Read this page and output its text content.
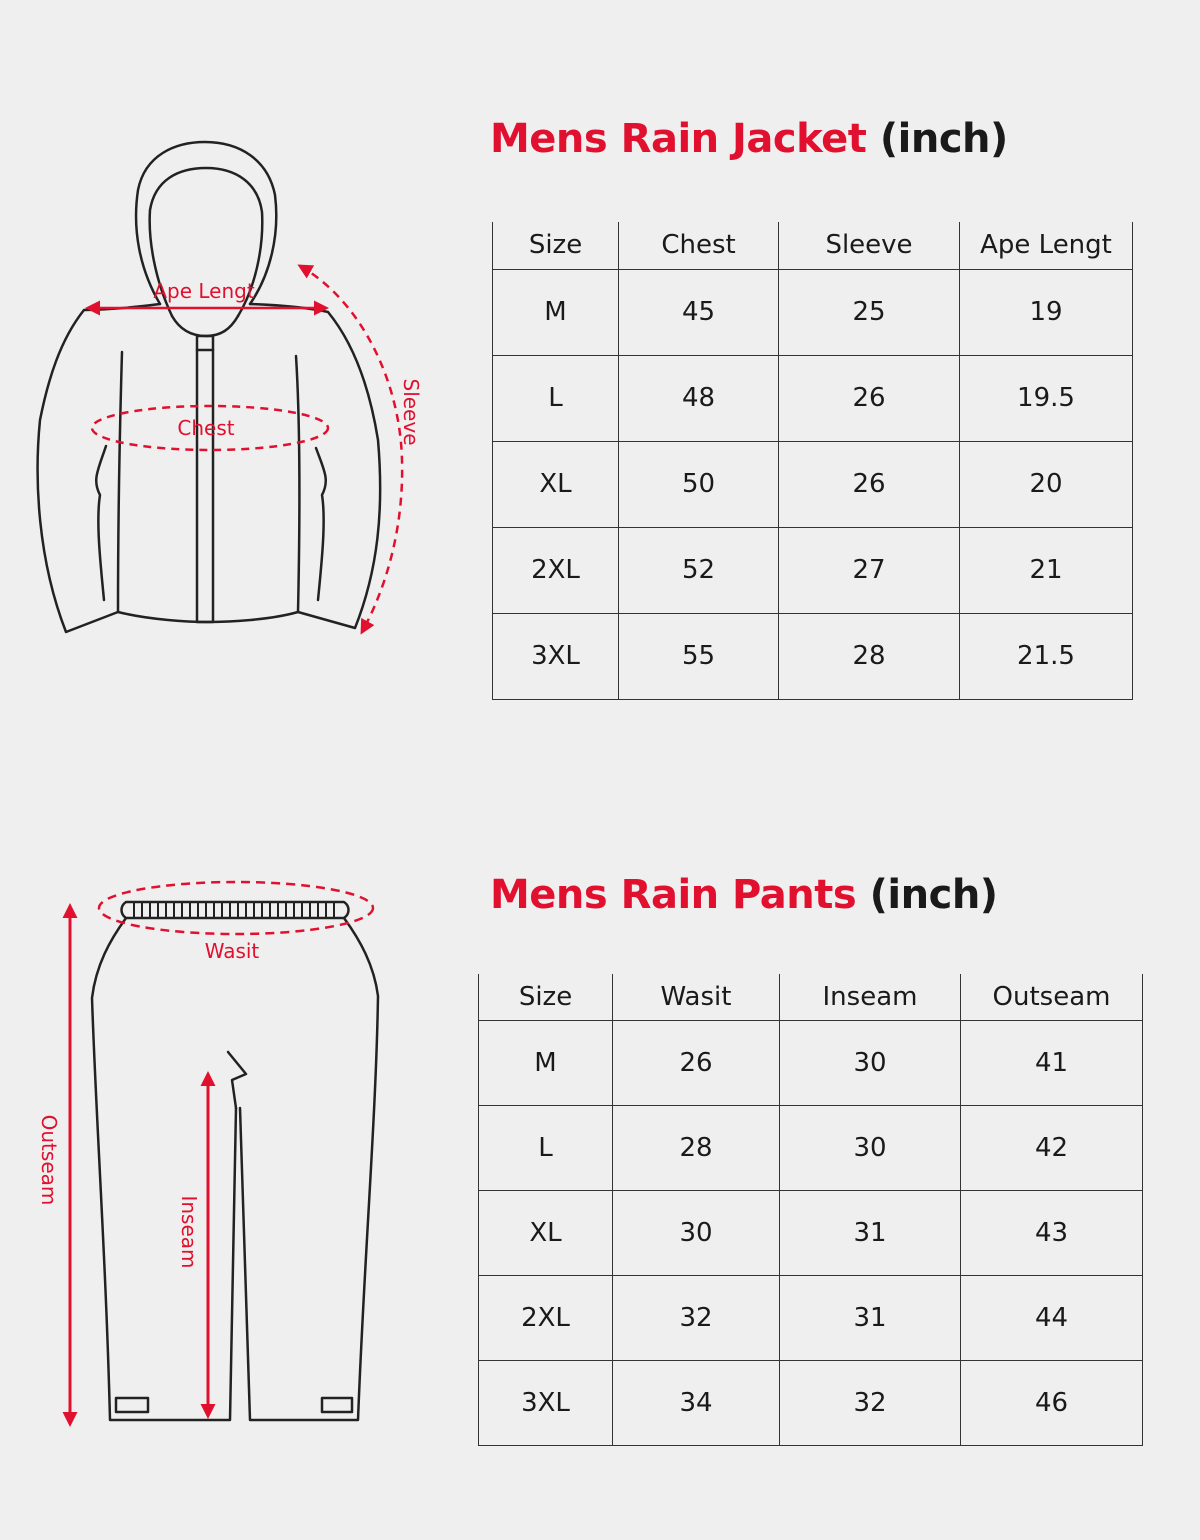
Mens Rain Jacket (inch)
Size	Chest	Sleeve	Ape Lengt
M	45	25	19
L	48	26	19.5
XL	50	26	20
2XL	52	27	21
3XL	55	28	21.5
Mens Rain Pants (inch)
Size	Wasit	Inseam	Outseam
M	26	30	41
L	28	30	42
XL	30	31	43
2XL	32	31	44
3XL	34	32	46
Ape Lengt
Chest	Sleeve
Wasit
Outseam
Inseam
